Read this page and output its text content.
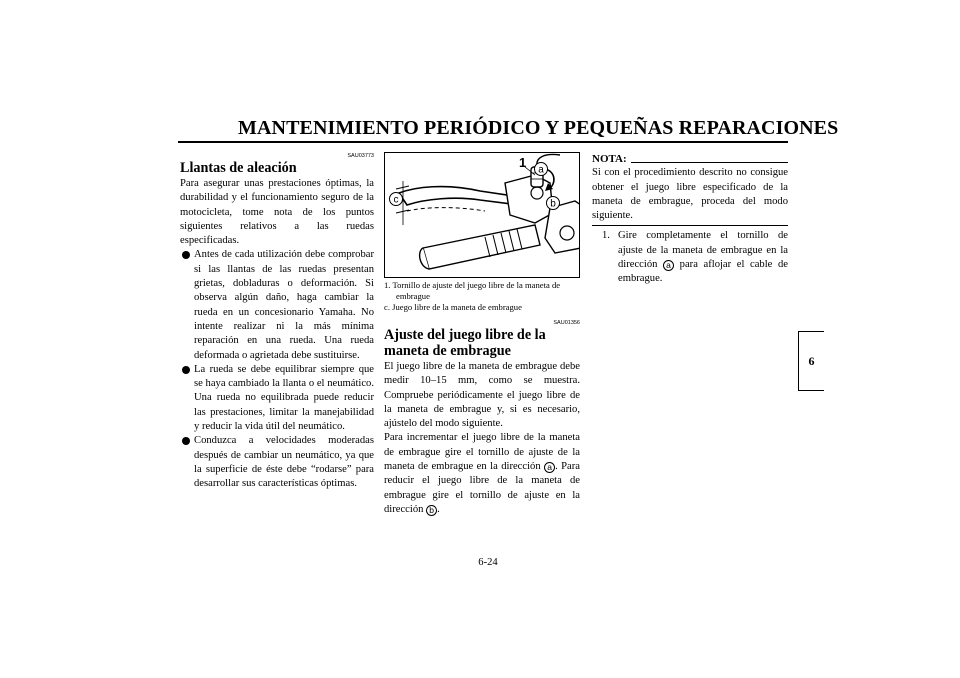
MANTENIMIENTO PERIÓDICO Y PEQUEÑAS REPARACIONES
SAU03773
Llantas de aleación

Para asegurar unas prestaciones óptimas, la durabilidad y el funcionamiento seguro de la motocicleta, tome nota de los puntos siguientes relativos a las ruedas especificadas.

Antes de cada utilización debe comprobar si las llantas de las ruedas presentan grietas, dobladuras o deformación. Si observa algún daño, haga cambiar la rueda en un concesionario Yamaha. No intente realizar ni la más mínima reparación en una rueda. Una rueda deformada o agrietada debe sustituirse.
La rueda se debe equilibrar siempre que se haya cambiado la llanta o el neumático. Una rueda no equilibrada puede reducir las prestaciones, limitar la manejabilidad y reducir la vida útil del neumático.
Conduzca a velocidades moderadas después de cambiar un neumático, ya que la superficie de éste debe “rodarse” para desarrollar sus características óptimas.
1 a
b
c
1. Tornillo de ajuste del juego libre de la maneta de embrague
c. Juego libre de la maneta de embrague
SAU01356
Ajuste del juego libre de la maneta de embrague

El juego libre de la maneta de embrague debe medir 10–15 mm, como se muestra. Compruebe periódicamente el juego libre de la maneta de embrague y, si es necesario, ajústelo del modo siguiente.

Para incrementar el juego libre de la maneta de embrague gire el tornillo de ajuste de la maneta de embrague en la dirección a . Para reducir el juego libre de la maneta de embrague gire el tornillo de ajuste en la dirección b .

NOTA:

Si con el procedimiento descrito no consigue obtener el juego libre especificado de la maneta de embrague, proceda del modo siguiente.

1. Gire completamente el tornillo de ajuste de la maneta de embrague en la dirección a para aflojar el cable de embrague.
6
6-24
